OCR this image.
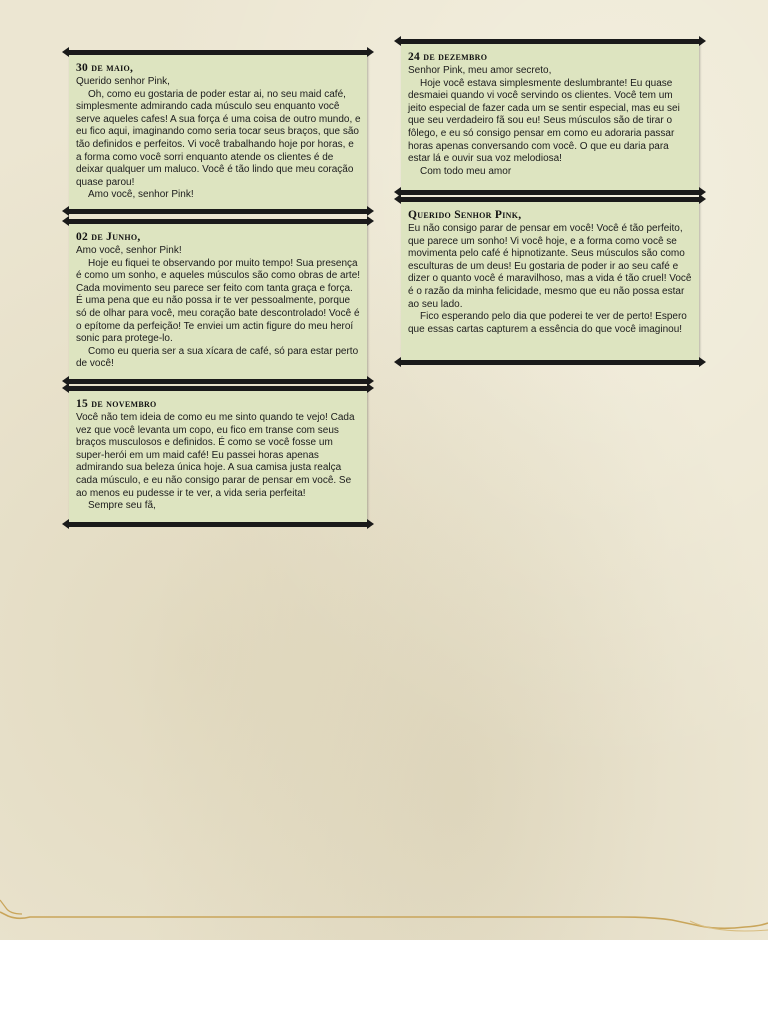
30 de maio,

Querido senhor Pink,

Oh, como eu gostaria de poder estar ai, no seu maid café, simplesmente admirando cada músculo seu enquanto você serve aqueles cafes! A sua força é uma coisa de outro mundo, e eu fico aqui, imaginando como seria tocar seus braços, que são tão definidos e perfeitos. Vi você trabalhando hoje por horas, e a forma como você sorri enquanto atende os clientes é de deixar qualquer um maluco. Você é tão lindo que meu coração quase parou!

Amo você, senhor Pink!

02 de Junho,

Amo você, senhor Pink!

Hoje eu fiquei te observando por muito tempo! Sua presença é como um sonho, e aqueles músculos são como obras de arte! Cada movimento seu parece ser feito com tanta graça e força. É uma pena que eu não possa ir te ver pessoalmente, porque só de olhar para você, meu coração bate descontrolado! Você é o epítome da perfeição! Te enviei um actin figure do meu heroí sonic para protege-lo.

Como eu queria ser a sua xícara de café, só para estar perto de você!

15 de novembro

Você não tem ideia de como eu me sinto quando te vejo! Cada vez que você levanta um copo, eu fico em transe com seus braços musculosos e definidos. É como se você fosse um super-herói em um maid café! Eu passei horas apenas admirando sua beleza única hoje. A sua camisa justa realça cada músculo, e eu não consigo parar de pensar em você. Se ao menos eu pudesse ir te ver, a vida seria perfeita!

Sempre seu fã,

24 de dezembro

Senhor Pink, meu amor secreto,

Hoje você estava simplesmente deslumbrante! Eu quase desmaiei quando vi você servindo os clientes. Você tem um jeito especial de fazer cada um se sentir especial, mas eu sei que seu verdadeiro fã sou eu! Seus músculos são de tirar o fôlego, e eu só consigo pensar em como eu adoraria passar horas apenas conversando com você. O que eu daria para estar lá e ouvir sua voz melodiosa!

Com todo meu amor

Querido Senhor Pink,

Eu não consigo parar de pensar em você! Você é tão perfeito, que parece um sonho! Vi você hoje, e a forma como você se movimenta pelo café é hipnotizante. Seus músculos são como esculturas de um deus! Eu gostaria de poder ir ao seu café e dizer o quanto você é maravilhoso, mas a vida é tão cruel! Você é o razão da minha felicidade, mesmo que eu não possa estar ao seu lado.

Fico esperando pelo dia que poderei te ver de perto! Espero que essas cartas capturem a essência do que você imaginou!
